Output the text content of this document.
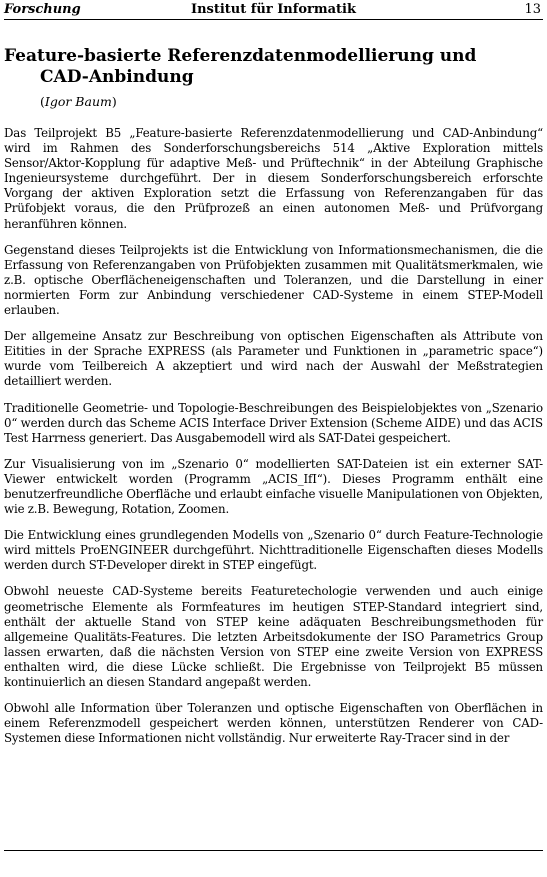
Forschung	Institut für Informatik	13
Feature-basierte Referenzdatenmodellierung und
CAD-Anbindung
(Igor Baum)

Das Teilprojekt B5 „Feature-basierte Referenzdatenmodellierung und CAD-Anbindung“ wird im Rahmen des Sonderforschungsbereichs 514 „Aktive Exploration mittels Sensor/Aktor-Kopplung für adaptive Meß- und Prüftechnik“ in der Abteilung Graphische Ingenieursysteme durchgeführt. Der in diesem Sonderforschungsbereich erforschte Vorgang der aktiven Exploration setzt die Erfassung von Referenzangaben für das Prüfobjekt voraus, die den Prüfprozeß an einen autonomen Meß- und Prüfvorgang heranführen können.

Gegenstand dieses Teilprojekts ist die Entwicklung von Informationsmechanismen, die die Erfassung von Referenzangaben von Prüfobjekten zusammen mit Qualitätsmerkmalen, wie z.B. optische Oberflächeneigenschaften und Toleranzen, und die Darstellung in einer normierten Form zur Anbindung verschiedener CAD-Systeme in einem STEP-Modell erlauben.

Der allgemeine Ansatz zur Beschreibung von optischen Eigenschaften als Attribute von Eitities in der Sprache EXPRESS (als Parameter und Funktionen in „parametric space“) wurde vom Teilbereich A akzeptiert und wird nach der Auswahl der Meßstrategien detailliert werden.

Traditionelle Geometrie- und Topologie-Beschreibungen des Beispielobjektes von „Szenario 0“ werden durch das Scheme ACIS Interface Driver Extension (Scheme AIDE) und das ACIS Test Harrness generiert. Das Ausgabemodell wird als SAT-Datei gespeichert.

Zur Visualisierung von im „Szenario 0“ modellierten SAT-Dateien ist ein externer SAT-Viewer entwickelt worden (Programm „ACIS_IfI“). Dieses Programm enthält eine benutzerfreundliche Oberfläche und erlaubt einfache visuelle Manipulationen von Objekten, wie z.B. Bewegung, Rotation, Zoomen.

Die Entwicklung eines grundlegenden Modells von „Szenario 0“ durch Feature-Technologie wird mittels ProENGINEER durchgeführt. Nichttraditionelle Eigenschaften dieses Modells werden durch ST-Developer direkt in STEP eingefügt.

Obwohl neueste CAD-Systeme bereits Featuretechologie verwenden und auch einige geometrische Elemente als Formfeatures im heutigen STEP-Standard integriert sind, enthält der aktuelle Stand von STEP keine adäquaten Beschreibungsmethoden für allgemeine Qualitäts-Features. Die letzten Arbeitsdokumente der ISO Parametrics Group lassen erwarten, daß die nächsten Version von STEP eine zweite Version von EXPRESS enthalten wird, die diese Lücke schließt. Die Ergebnisse von Teilprojekt B5 müssen kontinuierlich an diesen Standard angepaßt werden.

Obwohl alle Information über Toleranzen und optische Eigenschaften von Oberflächen in einem Referenzmodell gespeichert werden können, unterstützen Renderer von CAD-Systemen diese Informationen nicht vollständig. Nur erweiterte Ray-Tracer sind in der
